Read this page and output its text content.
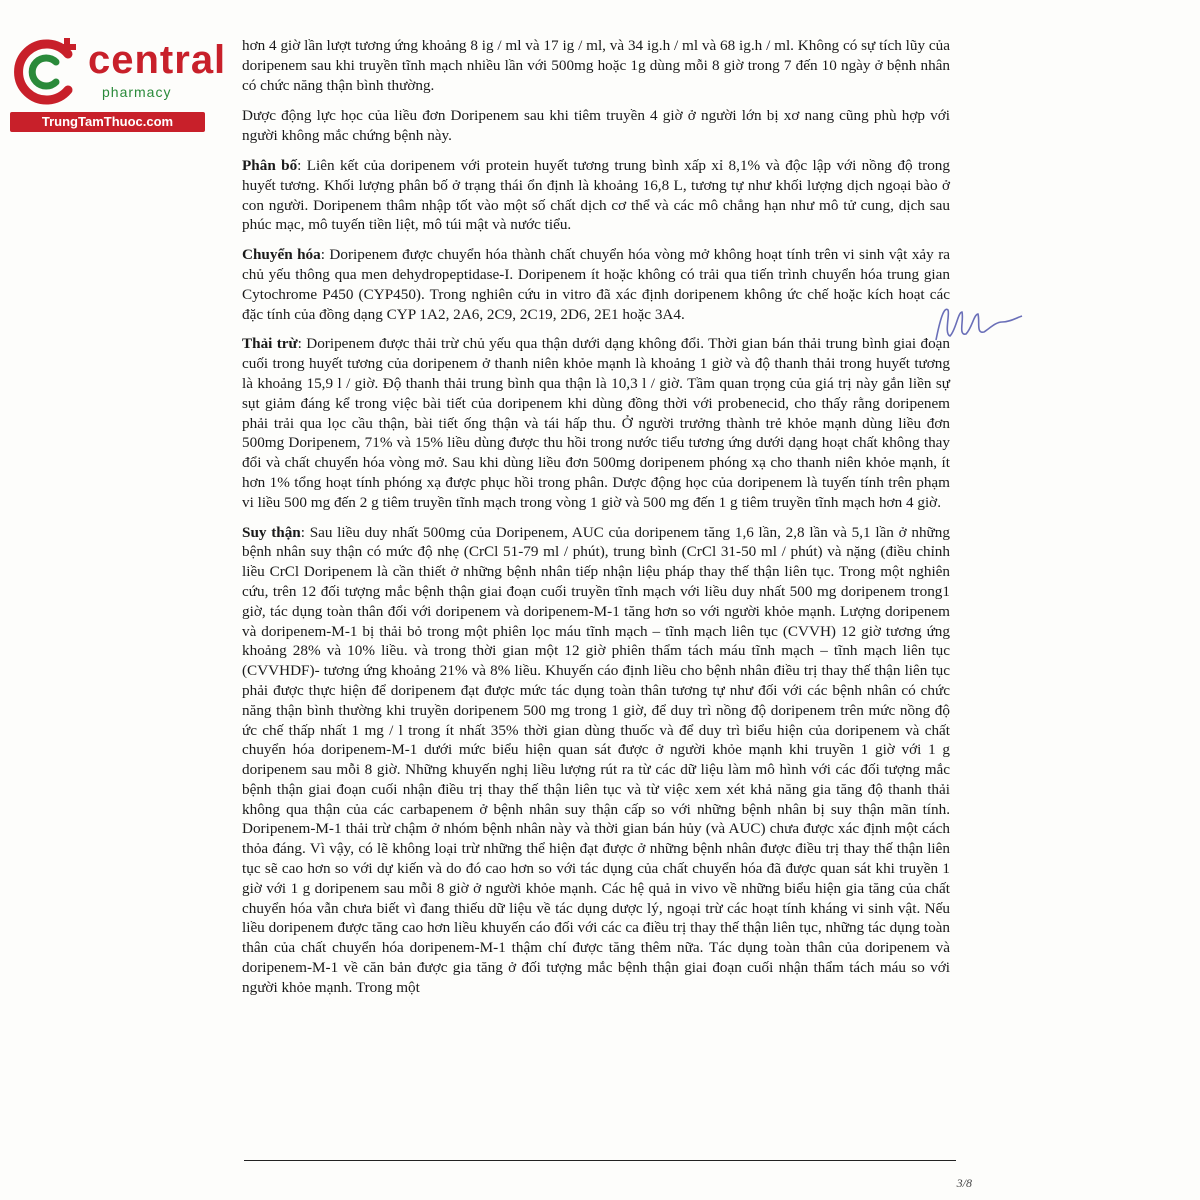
central
pharmacy
TrungTamThuoc.com

hơn 4 giờ lần lượt tương ứng khoảng 8 ig / ml và 17 ig / ml, và 34 ig.h / ml và 68 ig.h / ml. Không có sự tích lũy của doripenem sau khi truyền tĩnh mạch nhiều lần với 500mg hoặc 1g dùng mỗi 8 giờ trong 7 đến 10 ngày ở bệnh nhân có chức năng thận bình thường.

Dược động lực học của liều đơn Doripenem sau khi tiêm truyền 4 giờ ở người lớn bị xơ nang cũng phù hợp với người không mắc chứng bệnh này.

Phân bố: Liên kết của doripenem với protein huyết tương trung bình xấp xỉ 8,1% và độc lập với nồng độ trong huyết tương. Khối lượng phân bố ở trạng thái ổn định là khoảng 16,8 L, tương tự như khối lượng dịch ngoại bào ở con người. Doripenem thâm nhập tốt vào một số chất dịch cơ thể và các mô chẳng hạn như mô tử cung, dịch sau phúc mạc, mô tuyến tiền liệt, mô túi mật và nước tiểu.

Chuyển hóa: Doripenem được chuyển hóa thành chất chuyển hóa vòng mở không hoạt tính trên vi sinh vật xảy ra chủ yếu thông qua men dehydropeptidase-I. Doripenem ít hoặc không có trải qua tiến trình chuyển hóa trung gian Cytochrome P450 (CYP450). Trong nghiên cứu in vitro đã xác định doripenem không ức chế hoặc kích hoạt các đặc tính của đồng dạng CYP 1A2, 2A6, 2C9, 2C19, 2D6, 2E1 hoặc 3A4.

Thải trừ: Doripenem được thải trừ chủ yếu qua thận dưới dạng không đổi. Thời gian bán thải trung bình giai đoạn cuối trong huyết tương của doripenem ở thanh niên khỏe mạnh là khoảng 1 giờ và độ thanh thải trong huyết tương là khoảng 15,9 l / giờ. Độ thanh thải trung bình qua thận là 10,3 l / giờ. Tầm quan trọng của giá trị này gắn liền sự sụt giảm đáng kể trong việc bài tiết của doripenem khi dùng đồng thời với probenecid, cho thấy rằng doripenem phải trải qua lọc cầu thận, bài tiết ống thận và tái hấp thu. Ở người trưởng thành trẻ khỏe mạnh dùng liều đơn 500mg Doripenem, 71% và 15% liều dùng được thu hồi trong nước tiểu tương ứng dưới dạng hoạt chất không thay đổi và chất chuyển hóa vòng mở. Sau khi dùng liều đơn 500mg doripenem phóng xạ cho thanh niên khỏe mạnh, ít hơn 1% tổng hoạt tính phóng xạ được phục hồi trong phân. Dược động học của doripenem là tuyến tính trên phạm vi liều 500 mg đến 2 g tiêm truyền tĩnh mạch trong vòng 1 giờ và 500 mg đến 1 g tiêm truyền tĩnh mạch hơn 4 giờ.

Suy thận: Sau liều duy nhất 500mg của Doripenem, AUC của doripenem tăng 1,6 lần, 2,8 lần và 5,1 lần ở những bệnh nhân suy thận có mức độ nhẹ (CrCl 51-79 ml / phút), trung bình (CrCl 31-50 ml / phút) và nặng (điều chỉnh liều CrCl Doripenem là cần thiết ở những bệnh nhân tiếp nhận liệu pháp thay thế thận liên tục. Trong một nghiên cứu, trên 12 đối tượng mắc bệnh thận giai đoạn cuối truyền tĩnh mạch với liều duy nhất 500 mg doripenem trong1 giờ, tác dụng toàn thân đối với doripenem và doripenem-M-1 tăng hơn so với người khỏe mạnh. Lượng doripenem và doripenem-M-1 bị thải bỏ trong một phiên lọc máu tĩnh mạch – tĩnh mạch liên tục (CVVH) 12 giờ tương ứng khoảng 28% và 10% liều. và trong thời gian một 12 giờ phiên thẩm tách máu tĩnh mạch – tĩnh mạch liên tục (CVVHDF)- tương ứng khoảng 21% và 8% liều. Khuyến cáo định liều cho bệnh nhân điều trị thay thế thận liên tục phải được thực hiện để doripenem đạt được mức tác dụng toàn thân tương tự như đối với các bệnh nhân có chức năng thận bình thường khi truyền doripenem 500 mg trong 1 giờ, để duy trì nồng độ doripenem trên mức nồng độ ức chế thấp nhất 1 mg / l trong ít nhất 35% thời gian dùng thuốc và để duy trì biểu hiện của doripenem và chất chuyển hóa doripenem-M-1 dưới mức biểu hiện quan sát được ở người khỏe mạnh khi truyền 1 giờ với 1 g doripenem sau mỗi 8 giờ. Những khuyến nghị liều lượng rút ra từ các dữ liệu làm mô hình với các đối tượng mắc bệnh thận giai đoạn cuối nhận điều trị thay thế thận liên tục và từ việc xem xét khả năng gia tăng độ thanh thải không qua thận của các carbapenem ở bệnh nhân suy thận cấp so với những bệnh nhân bị suy thận mãn tính. Doripenem-M-1 thải trừ chậm ở nhóm bệnh nhân này và thời gian bán hủy (và AUC) chưa được xác định một cách thỏa đáng. Vì vậy, có lẽ không loại trừ những thể hiện đạt được ở những bệnh nhân được điều trị thay thế thận liên tục sẽ cao hơn so với dự kiến và do đó cao hơn so với tác dụng của chất chuyển hóa đã được quan sát khi truyền 1 giờ với 1 g doripenem sau mỗi 8 giờ ở người khỏe mạnh. Các hệ quả in vivo về những biểu hiện gia tăng của chất chuyển hóa vẫn chưa biết vì đang thiếu dữ liệu về tác dụng dược lý, ngoại trừ các hoạt tính kháng vi sinh vật. Nếu liều doripenem được tăng cao hơn liều khuyến cáo đối với các ca điều trị thay thế thận liên tục, những tác dụng toàn thân của chất chuyển hóa doripenem-M-1 thậm chí được tăng thêm nữa. Tác dụng toàn thân của doripenem và doripenem-M-1 về căn bản được gia tăng ở đối tượng mắc bệnh thận giai đoạn cuối nhận thẩm tách máu so với người khỏe mạnh. Trong một

3/8
